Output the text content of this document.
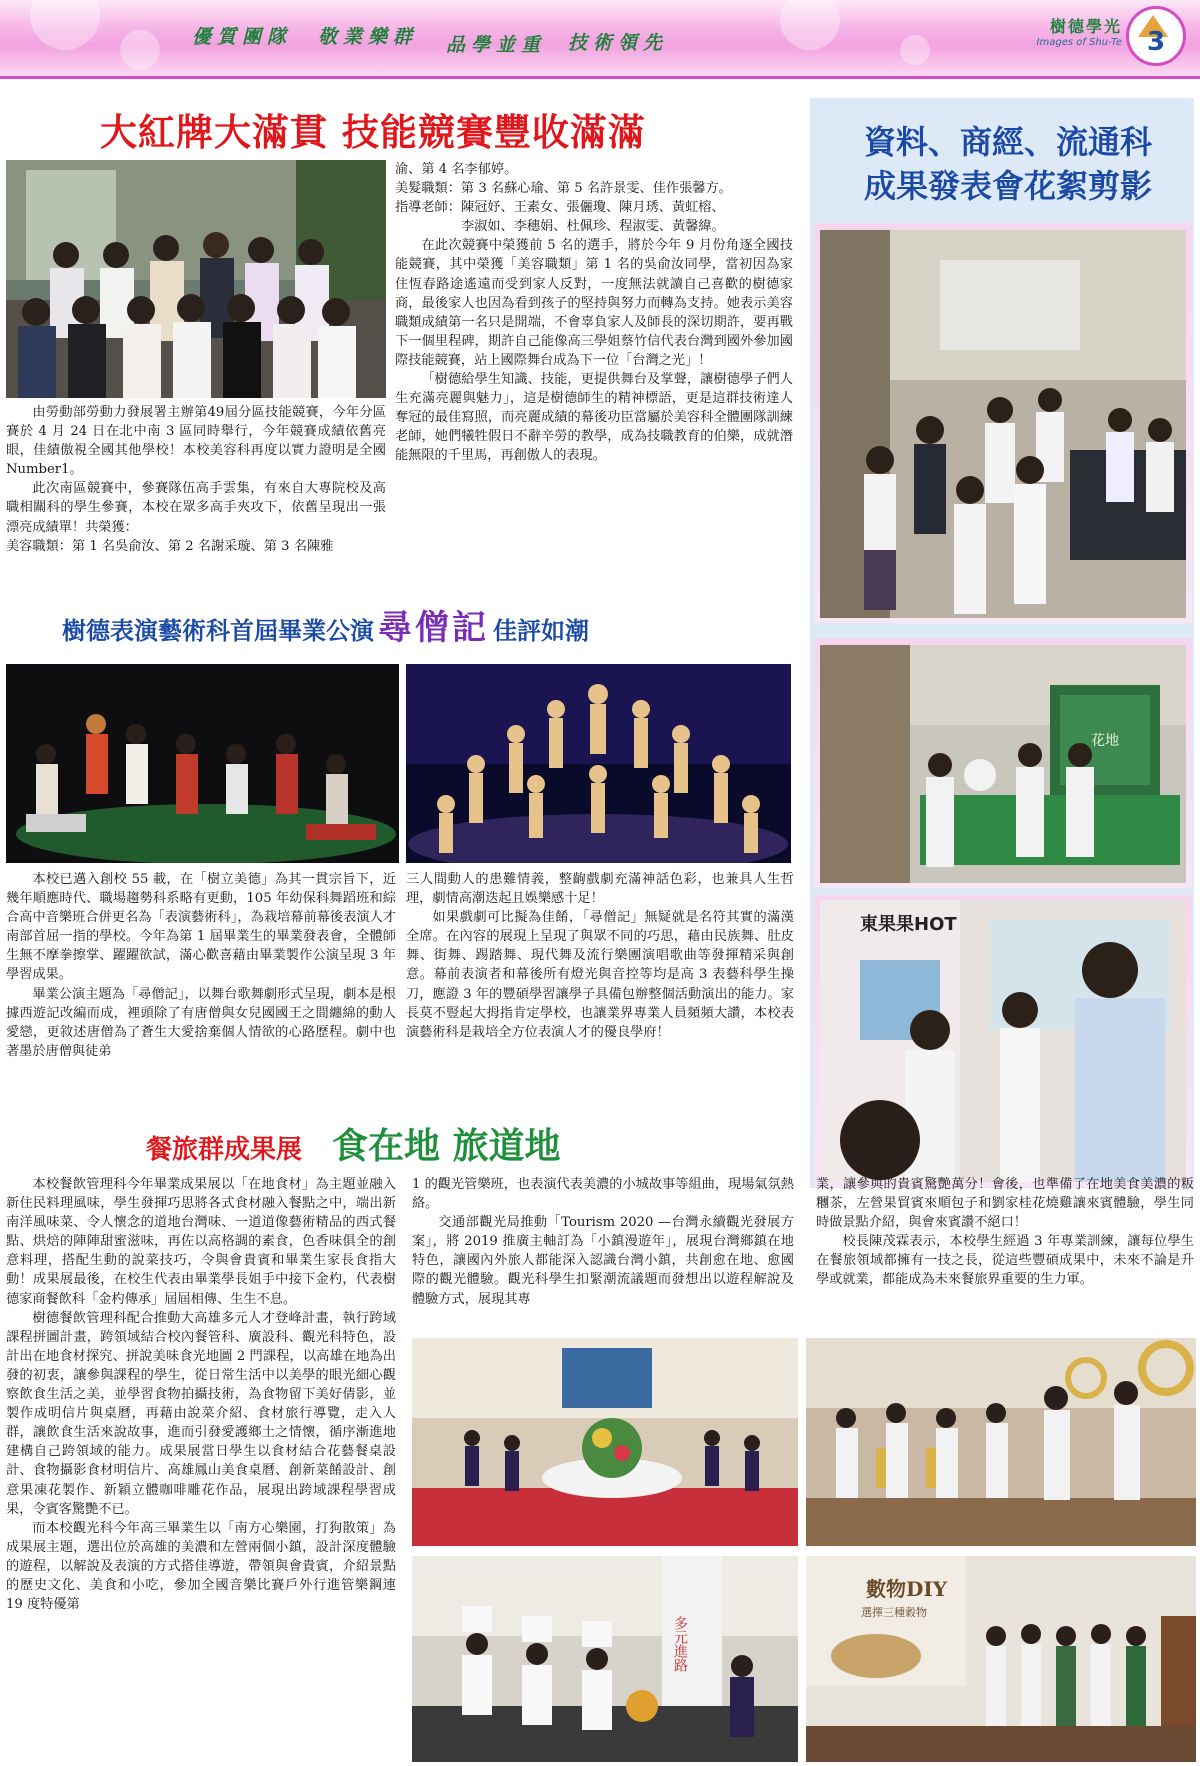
優質團隊 敬業樂群 品學並重 技術領先
樹德學光
Images of Shu-Te 3
大紅牌大滿貫 技能競賽豐收滿滿

由勞動部勞動力發展署主辦第49屆分區技能競賽，今年分區賽於 4 月 24 日在北中南 3 區同時舉行，今年競賽成績依舊亮眼，佳績傲視全國其他學校！本校美容科再度以實力證明是全國 Number1。

此次南區競賽中，參賽隊伍高手雲集，有來自大專院校及高職相關科的學生參賽，本校在眾多高手夾攻下，依舊呈現出一張漂亮成績單！共榮獲：

美容職類：第 1 名吳俞汝、第 2 名謝采璇、第 3 名陳雅

渝、第 4 名李郁婷。

美髮職類：第 3 名蘇心瑜、第 5 名許景雯、佳作張馨方。

指導老師：陳冠妤、王素女、張儷瓊、陳月琇、黃虹榕、

李淑如、李穗娟、杜佩珍、程淑雯、黃馨緯。

在此次競賽中榮獲前 5 名的選手，將於今年 9 月份角逐全國技能競賽，其中榮獲「美容職類」第 1 名的吳俞汝同學，當初因為家住恆春路途遙遠而受到家人反對，一度無法就讀自己喜歡的樹德家商，最後家人也因為看到孩子的堅持與努力而轉為支持。她表示美容職類成績第一名只是開端，不會辜負家人及師長的深切期許，要再戰下一個里程碑，期許自己能像高三學姐蔡竹信代表台灣到國外參加國際技能競賽，站上國際舞台成為下一位「台灣之光」！

「樹德給學生知識、技能，更提供舞台及掌聲，讓樹德學子們人生充滿亮麗與魅力」，這是樹德師生的精神標語，更是這群技術達人奪冠的最佳寫照，而亮麗成績的幕後功臣當屬於美容科全體團隊訓練老師，她們犧牲假日不辭辛勞的教學，成為技職教育的伯樂，成就潛能無限的千里馬，再創傲人的表現。

資料、商經、流通科
成果發表會花絮剪影
花地
東果果HOT
樹德表演藝術科首屆畢業公演 尋僧記 佳評如潮

本校已邁入創校 55 載，在「樹立美德」為其一貫宗旨下，近幾年順應時代、職場趨勢科系略有更動，105 年幼保科舞蹈班和綜合高中音樂班合併更名為「表演藝術科」，為栽培幕前幕後表演人才南部首屈一指的學校。今年為第 1 屆畢業生的畢業發表會，全體師生無不摩拳擦掌、躍躍欲試，滿心歡喜藉由畢業製作公演呈現 3 年學習成果。

畢業公演主題為「尋僧記」，以舞台歌舞劇形式呈現，劇本是根據西遊記改編而成，裡頭除了有唐僧與女兒國國王之間纏綿的動人愛戀，更敘述唐僧為了蒼生大愛捨棄個人情欲的心路歷程。劇中也著墨於唐僧與徒弟

三人間動人的患難情義，整齣戲劇充滿神話色彩，也兼具人生哲理，劇情高潮迭起且娛樂感十足！

如果戲劇可比擬為佳餚，「尋僧記」無疑就是名符其實的滿漢全席。在內容的展現上呈現了與眾不同的巧思，藉由民族舞、肚皮舞、街舞、踢踏舞、現代舞及流行樂團演唱歌曲等發揮精采與創意。幕前表演者和幕後所有燈光與音控等均是高 3 表藝科學生操刀，應證 3 年的豐碩學習讓學子具備包辦整個活動演出的能力。家長莫不豎起大拇指肯定學校，也讓業界專業人員頻頻大讚，本校表演藝術科是栽培全方位表演人才的優良學府！

餐旅群成果展 食在地 旅道地

本校餐飲管理科今年畢業成果展以「在地食材」為主題並融入新住民料理風味，學生發揮巧思將各式食材融入餐點之中，端出新南洋風味菜、令人懷念的道地台灣味、一道道像藝術精品的西式餐點、烘焙的陣陣甜蜜滋味，再佐以高格調的素食，色香味俱全的創意料理，搭配生動的說菜技巧，令與會貴賓和畢業生家長食指大動！成果展最後，在校生代表由畢業學長姐手中接下金杓，代表樹德家商餐飲科「金杓傳承」屆屆相傳、生生不息。

樹德餐飲管理科配合推動大高雄多元人才登峰計畫，執行跨域課程拼圖計畫，跨領域結合校內餐管科、廣設科、觀光科特色，設計出在地食材探究、拼說美味食光地圖 2 門課程，以高雄在地為出發的初衷，讓參與課程的學生，從日常生活中以美學的眼光細心觀察飲食生活之美，並學習食物拍攝技術，為食物留下美好倩影，並製作成明信片與桌曆，再藉由說菜介紹、食材旅行導覽，走入人群，讓飲食生活來說故事，進而引發愛護鄉土之情懷，循序漸進地建構自己跨領域的能力。成果展當日學生以食材結合花藝餐桌設計、食物攝影食材明信片、高雄鳳山美食桌曆、創新菜餚設計、創意果凍花製作、新穎立體咖啡雕花作品，展現出跨域課程學習成果，令賓客驚艷不已。

而本校觀光科今年高三畢業生以「南方心樂園，打狗散策」為成果展主題，選出位於高雄的美濃和左營兩個小鎮，設計深度體驗的遊程，以解說及表演的方式搭佳導遊，帶領與會貴賓，介紹景點的歷史文化、美食和小吃，參加全國音樂比賽戶外行進管樂鋼連 19 度特優第

1 的觀光管樂班，也表演代表美濃的小城故事等組曲，現場氣氛熱絡。

交通部觀光局推動「Tourism 2020 —台灣永續觀光發展方案」，將 2019 推廣主軸訂為「小鎮漫遊年」，展現台灣鄉鎮在地特色，讓國內外旅人都能深入認識台灣小鎮，共創愈在地、愈國際的觀光體驗。觀光科學生扣緊潮流議題而發想出以遊程解說及體驗方式，展現其專

業，讓參與的貴賓驚艷萬分！會後，也準備了在地美食美濃的粄糰茶，左營果貿賓來順包子和劉家桂花燒雞讓來賓體驗，學生同時做景點介紹，與會來賓讚不絕口！

校長陳茂霖表示，本校學生經過 3 年專業訓練，讓每位學生在餐旅領域都擁有一技之長，從這些豐碩成果中，未來不論是升學或就業，都能成為未來餐旅界重要的生力軍。

多元進路
數物DIY
選擇三種穀物
